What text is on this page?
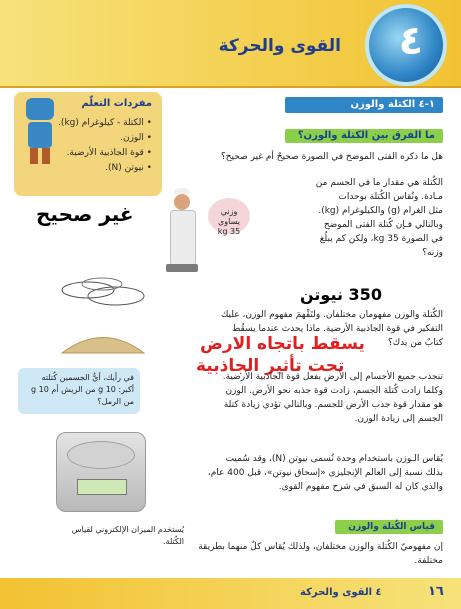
٤
القوى والحركة
١-٤ الكتلة والوزن
مفردات التعلّم
• الكتلة - كيلوغرام (kg).
• الوزن.
• قوة الجاذبية الأرضية.
• نيوتن (N).
ما الفرق بين الكتلة والوزن؟
هل ما ذكره الفتى الموضح في الصورة صحيحٌ أم غير صحيح؟
الكُتلة هي مقدار ما في الجسم من
مـادة. وتُقاس الكُتلة بوحدات
مثل الغرام (g) والكيلوغرام (kg).
وبالتالي فـإن كُتلة الفتى الموضح
في الصورة 35 kg، ولكن كم يبلُغ
وزنه؟
وزني يساوي 35 kg
غير صحيح
350 نيوتن
الكُتلة والوزن مفهومان مختلفان. ولتَفْهمَ مفهوم الوزن، عليك
التفكير في قوة الجاذبية الأرضية. ماذا يحدث عندما يسقُط
كتابٌ من يدك؟
يسقط باتجاه الارض
تحت تأثير الجاذبية
تنجذب جميع الأجسام إلى الأرض بفعل قوة الجاذبية الأرضية.
وكلما زادت كُتلة الجسم، زادت قوة جذبه نحو الأرض. الوزن
هو مقدار قوة جذب الأرض للجسم. وبالتالي تؤدي زيادة كتلة
الجسم إلى زيادة الوزن.
في رأيك، أيُّ الجسمين كُتلته أكبر: 10 g من الريش أم 10 g من الرمل؟
يُقاس الـوزن باستخدام وحدة تُسمى نيوتن (N)، وقد سُميت
بذلك نسبة إلى العالم الإنجليزي «إسحاق نيوتن»، قبل 400 عام،
والذي كان له السبق في شرح مفهوم القوى.
يُستخدم الميزان الإلكتروني لقياس الكُتلة.
قياس الكُتلة والوزن
إن مفهوميّ الكُتلة والوزن مختلفان، ولذلك يُقاس كلٌ منهما بطريقة
مختلفة.
٤ القوى والحركة	١٦
